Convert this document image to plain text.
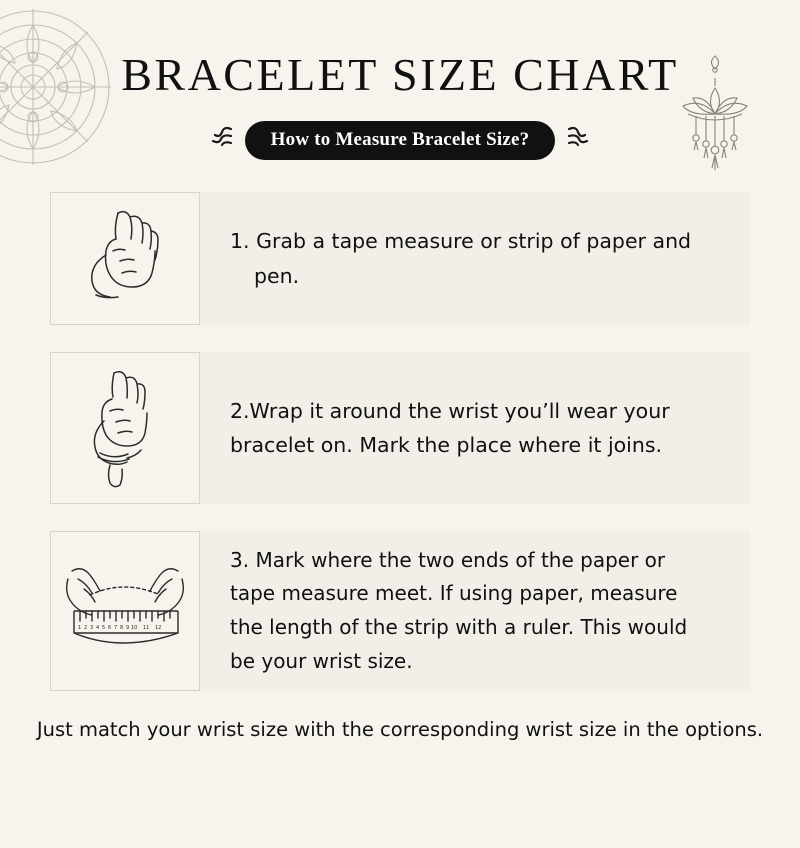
BRACELET SIZE CHART
How to Measure Bracelet Size?
1. Grab a tape measure or strip of paper and
pen.
2.Wrap it around the wrist you’ll wear your
bracelet on. Mark the place where it joins.
1 2 3 4 5 6 7 8 9 10 11 12
3. Mark where the two ends of the paper or
tape measure meet. If using paper, measure
the length of the strip with a ruler. This would
be your wrist size.
Just match your wrist size with the corresponding wrist size in the options.
